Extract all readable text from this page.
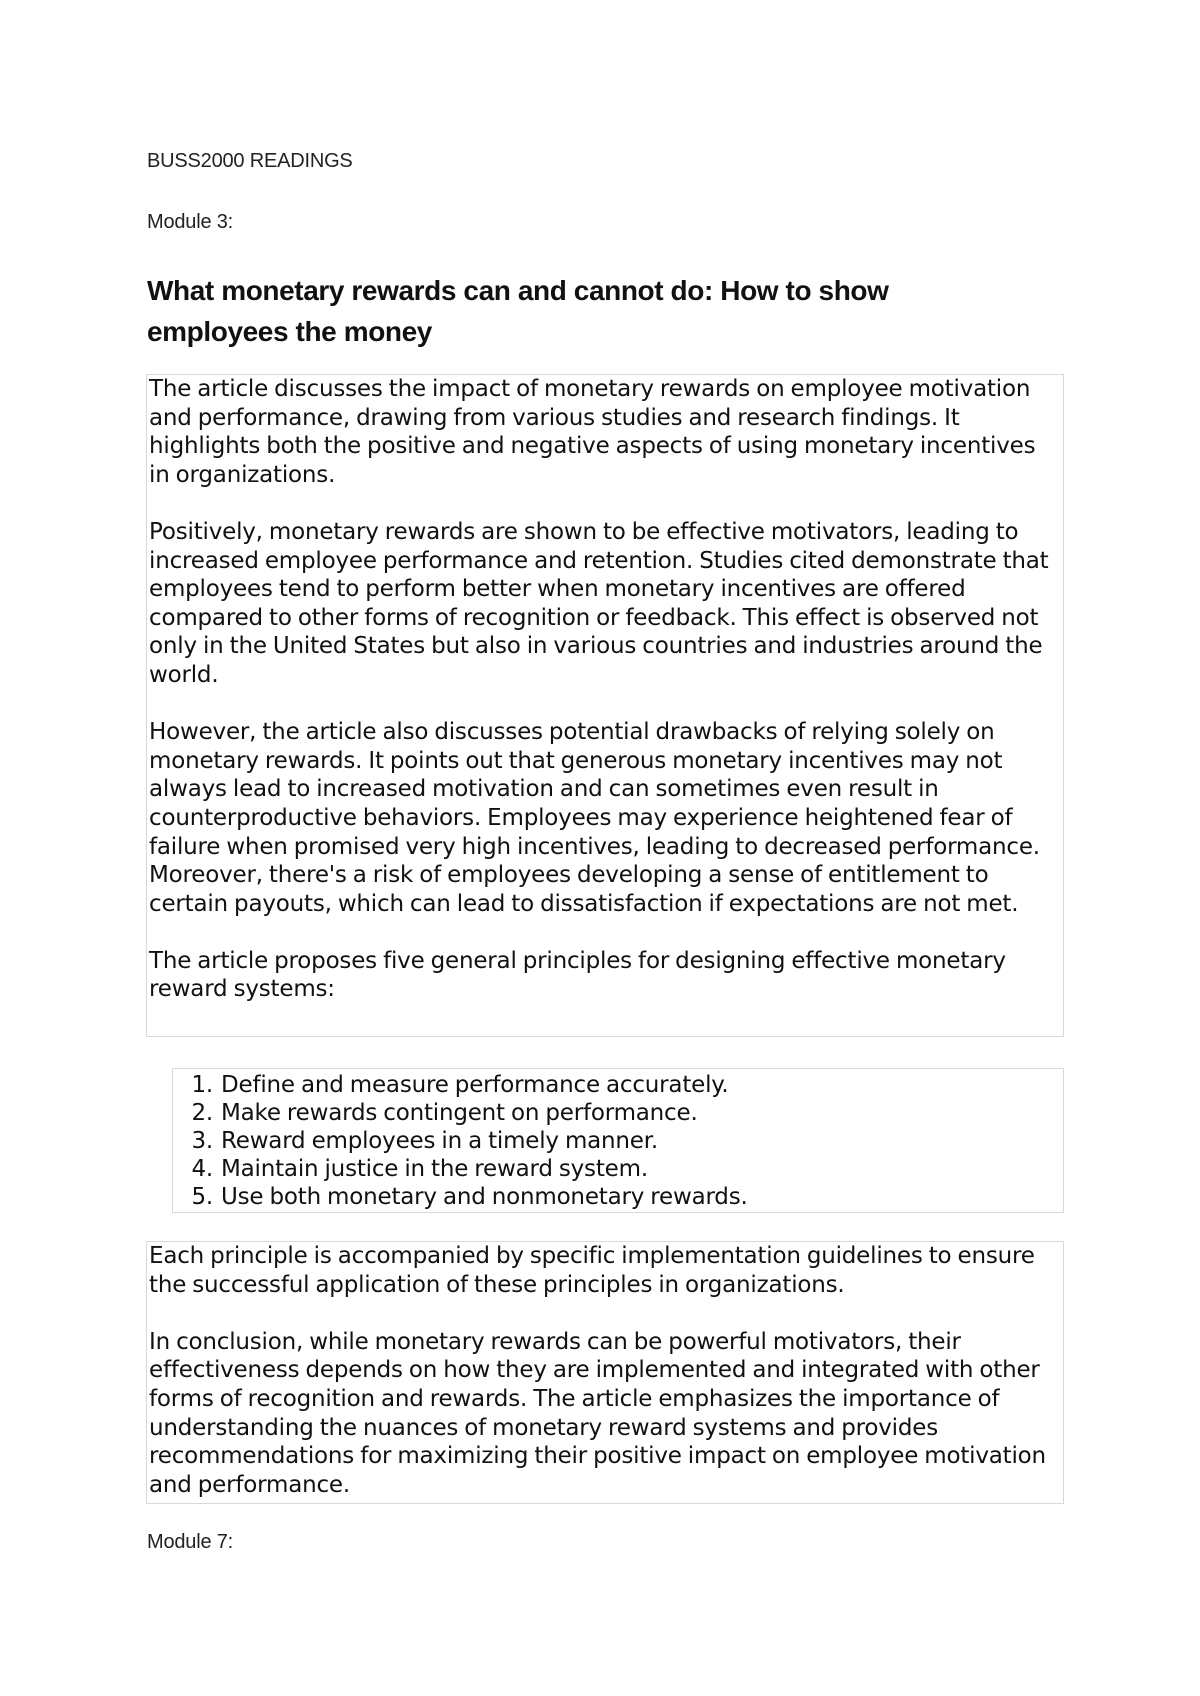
BUSS2000 READINGS
Module 3:
What monetary rewards can and cannot do: How to show employees the money

The article discusses the impact of monetary rewards on employee motivation and performance, drawing from various studies and research findings. It highlights both the positive and negative aspects of using monetary incentives in organizations.

Positively, monetary rewards are shown to be effective motivators, leading to increased employee performance and retention. Studies cited demonstrate that employees tend to perform better when monetary incentives are offered compared to other forms of recognition or feedback. This effect is observed not only in the United States but also in various countries and industries around the world.

However, the article also discusses potential drawbacks of relying solely on monetary rewards. It points out that generous monetary incentives may not always lead to increased motivation and can sometimes even result in counterproductive behaviors. Employees may experience heightened fear of failure when promised very high incentives, leading to decreased performance. Moreover, there's a risk of employees developing a sense of entitlement to certain payouts, which can lead to dissatisfaction if expectations are not met.

The article proposes five general principles for designing effective monetary reward systems:

1. Define and measure performance accurately.
2. Make rewards contingent on performance.
3. Reward employees in a timely manner.
4. Maintain justice in the reward system.
5. Use both monetary and nonmonetary rewards.

Each principle is accompanied by specific implementation guidelines to ensure the successful application of these principles in organizations.

In conclusion, while monetary rewards can be powerful motivators, their effectiveness depends on how they are implemented and integrated with other forms of recognition and rewards. The article emphasizes the importance of understanding the nuances of monetary reward systems and provides recommendations for maximizing their positive impact on employee motivation and performance.

Module 7:
